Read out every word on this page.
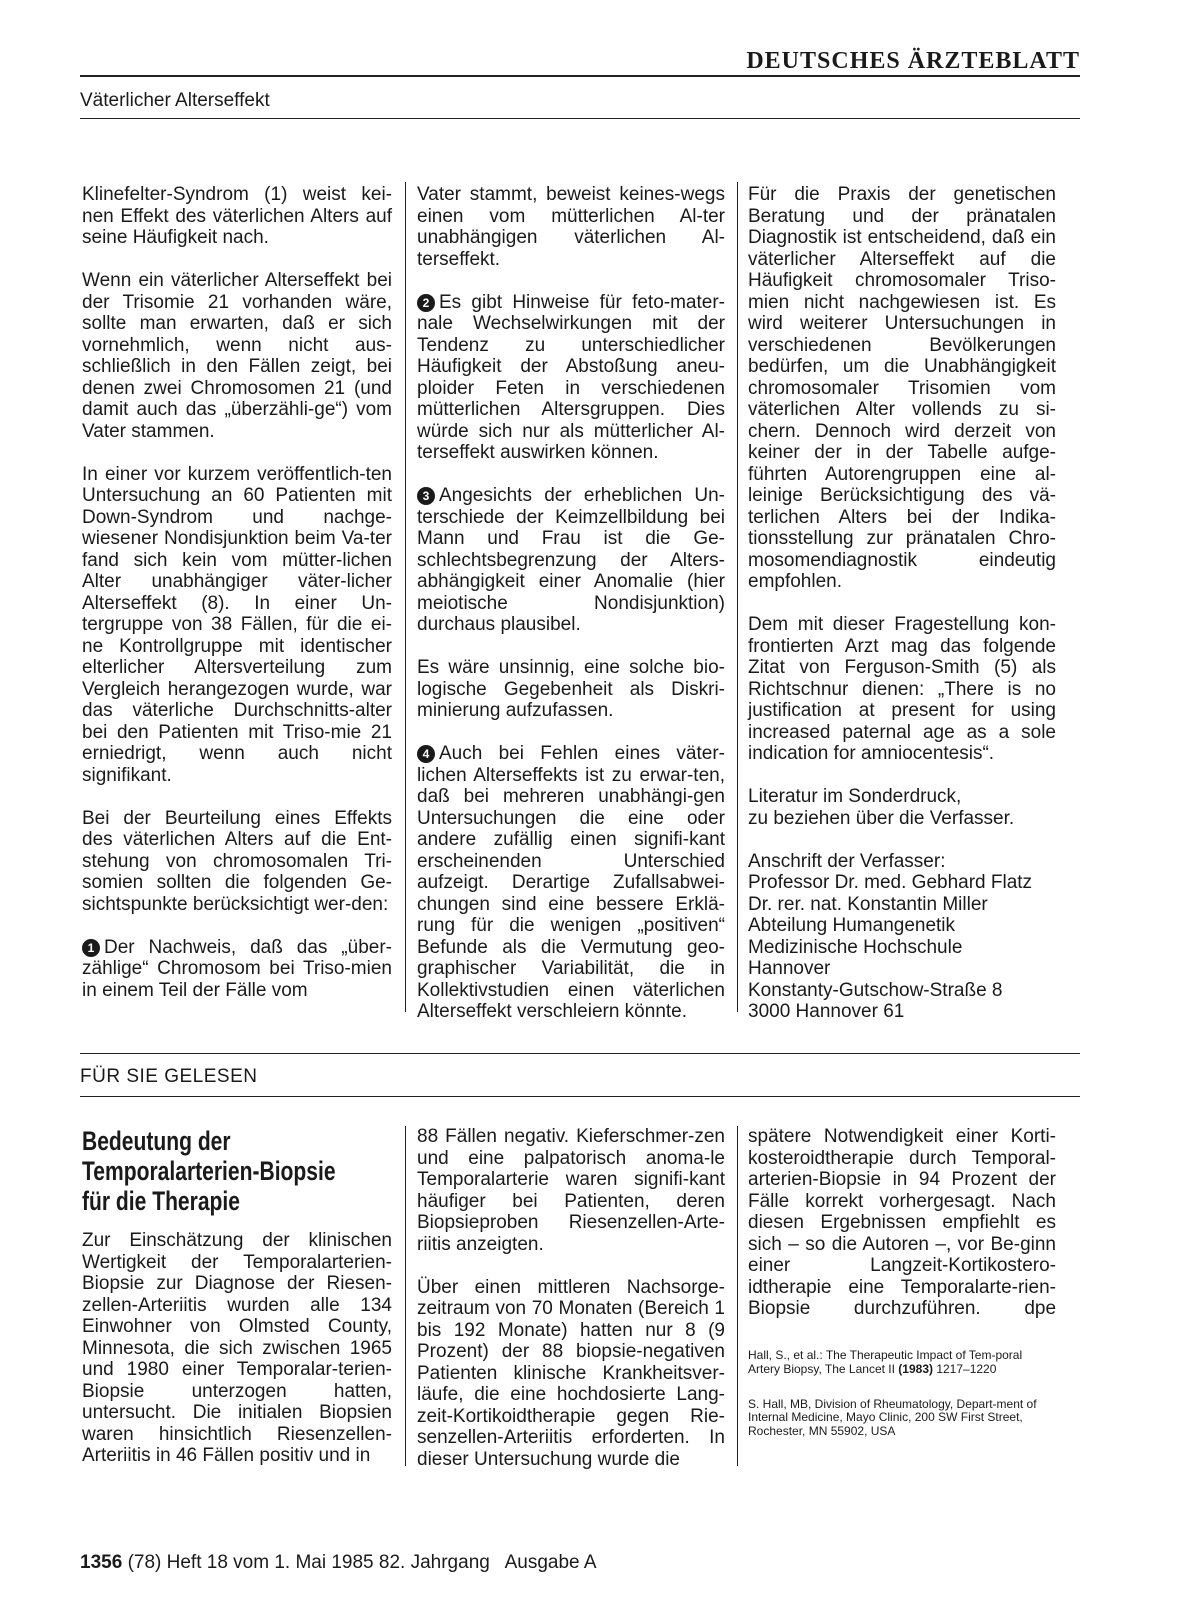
DEUTSCHES ÄRZTEBLATT
Väterlicher Alterseffekt

Klinefelter-Syndrom (1) weist kei-nen Effekt des väterlichen Alters auf seine Häufigkeit nach.

Wenn ein väterlicher Alterseffekt bei der Trisomie 21 vorhanden wäre, sollte man erwarten, daß er sich vornehmlich, wenn nicht aus-schließlich in den Fällen zeigt, bei denen zwei Chromosomen 21 (und damit auch das „überzähli-ge“) vom Vater stammen.

In einer vor kurzem veröffentlich-ten Untersuchung an 60 Patienten mit Down-Syndrom und nachge-wiesener Nondisjunktion beim Va-ter fand sich kein vom mütter-lichen Alter unabhängiger väter-licher Alterseffekt (8). In einer Un-tergruppe von 38 Fällen, für die ei-ne Kontrollgruppe mit identischer elterlicher Altersverteilung zum Vergleich herangezogen wurde, war das väterliche Durchschnitts-alter bei den Patienten mit Triso-mie 21 erniedrigt, wenn auch nicht signifikant.

Bei der Beurteilung eines Effekts des väterlichen Alters auf die Ent-stehung von chromosomalen Tri-somien sollten die folgenden Ge-sichtspunkte berücksichtigt wer-den:

1 Der Nachweis, daß das „über-zählige“ Chromosom bei Triso-mien in einem Teil der Fälle vom

Vater stammt, beweist keines-wegs einen vom mütterlichen Al-ter unabhängigen väterlichen Al-terseffekt.

2 Es gibt Hinweise für feto-mater-nale Wechselwirkungen mit der Tendenz zu unterschiedlicher Häufigkeit der Abstoßung aneu-ploider Feten in verschiedenen mütterlichen Altersgruppen. Dies würde sich nur als mütterlicher Al-terseffekt auswirken können.

3 Angesichts der erheblichen Un-terschiede der Keimzellbildung bei Mann und Frau ist die Ge-schlechtsbegrenzung der Alters-abhängigkeit einer Anomalie (hier meiotische Nondisjunktion) durchaus plausibel.

Es wäre unsinnig, eine solche bio-logische Gegebenheit als Diskri-minierung aufzufassen.

4 Auch bei Fehlen eines väter-lichen Alterseffekts ist zu erwar-ten, daß bei mehreren unabhängi-gen Untersuchungen die eine oder andere zufällig einen signifi-kant erscheinenden Unterschied aufzeigt. Derartige Zufallsabwei-chungen sind eine bessere Erklä-rung für die wenigen „positiven“ Befunde als die Vermutung geo-graphischer Variabilität, die in Kollektivstudien einen väterlichen Alterseffekt verschleiern könnte.

Für die Praxis der genetischen Beratung und der pränatalen Diagnostik ist entscheidend, daß ein väterlicher Alterseffekt auf die Häufigkeit chromosomaler Triso-mien nicht nachgewiesen ist. Es wird weiterer Untersuchungen in verschiedenen Bevölkerungen bedürfen, um die Unabhängigkeit chromosomaler Trisomien vom väterlichen Alter vollends zu si-chern. Dennoch wird derzeit von keiner der in der Tabelle aufge-führten Autorengruppen eine al-leinige Berücksichtigung des vä-terlichen Alters bei der Indika-tionsstellung zur pränatalen Chro-mosomendiagnostik eindeutig empfohlen.

Dem mit dieser Fragestellung kon-frontierten Arzt mag das folgende Zitat von Ferguson-Smith (5) als Richtschnur dienen: „There is no justification at present for using increased paternal age as a sole indication for amniocentesis“.

Literatur im Sonderdruck,
zu beziehen über die Verfasser.

Anschrift der Verfasser:
Professor Dr. med. Gebhard Flatz
Dr. rer. nat. Konstantin Miller
Abteilung Humangenetik
Medizinische Hochschule
Hannover
Konstanty-Gutschow-Straße 8
3000 Hannover 61
FÜR SIE GELESEN
Bedeutung der
Temporalarterien-Biopsie
für die Therapie

Zur Einschätzung der klinischen Wertigkeit der Temporalarterien-Biopsie zur Diagnose der Riesen-zellen-Arteriitis wurden alle 134 Einwohner von Olmsted County, Minnesota, die sich zwischen 1965 und 1980 einer Temporalar-terien-Biopsie unterzogen hatten, untersucht. Die initialen Biopsien waren hinsichtlich Riesenzellen-Arteriitis in 46 Fällen positiv und in

88 Fällen negativ. Kieferschmer-zen und eine palpatorisch anoma-le Temporalarterie waren signifi-kant häufiger bei Patienten, deren Biopsieproben Riesenzellen-Arte-riitis anzeigten.

Über einen mittleren Nachsorge-zeitraum von 70 Monaten (Bereich 1 bis 192 Monate) hatten nur 8 (9 Prozent) der 88 biopsie-negativen Patienten klinische Krankheitsver-läufe, die eine hochdosierte Lang-zeit-Kortikoidtherapie gegen Rie-senzellen-Arteriitis erforderten. In dieser Untersuchung wurde die

spätere Notwendigkeit einer Korti-kosteroidtherapie durch Temporal-arterien-Biopsie in 94 Prozent der Fälle korrekt vorhergesagt. Nach diesen Ergebnissen empfiehlt es sich – so die Autoren –, vor Be-ginn einer Langzeit-Kortikostero-idtherapie eine Temporalarte-rien-Biopsie durchzuführen. dpe

Hall, S., et al.: The Therapeutic Impact of Tem-poral Artery Biopsy, The Lancet II (1983) 1217–1220

S. Hall, MB, Division of Rheumatology, Depart-ment of Internal Medicine, Mayo Clinic, 200 SW First Street, Rochester, MN 55902, USA

1356 (78) Heft 18 vom 1. Mai 1985 82. Jahrgang   Ausgabe A
